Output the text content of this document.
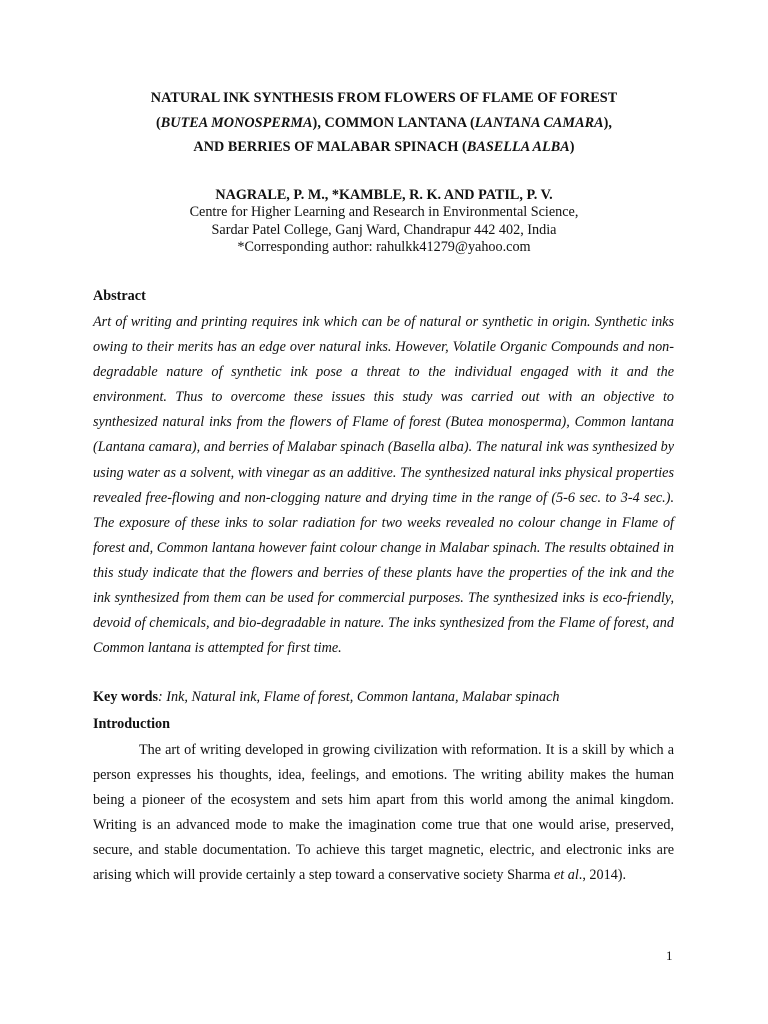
NATURAL INK SYNTHESIS FROM FLOWERS OF FLAME OF FOREST
(BUTEA MONOSPERMA), COMMON LANTANA (LANTANA CAMARA),
AND BERRIES OF MALABAR SPINACH (BASELLA ALBA)
NAGRALE, P. M., *KAMBLE, R. K. AND PATIL, P. V.
Centre for Higher Learning and Research in Environmental Science,
Sardar Patel College, Ganj Ward, Chandrapur 442 402, India
*Corresponding author: rahulkk41279@yahoo.com
Abstract
Art of writing and printing requires ink which can be of natural or synthetic in origin. Synthetic inks owing to their merits has an edge over natural inks. However, Volatile Organic Compounds and non-degradable nature of synthetic ink pose a threat to the individual engaged with it and the environment. Thus to overcome these issues this study was carried out with an objective to synthesized natural inks from the flowers of Flame of forest (Butea monosperma), Common lantana (Lantana camara), and berries of Malabar spinach (Basella alba). The natural ink was synthesized by using water as a solvent, with vinegar as an additive. The synthesized natural inks physical properties revealed free-flowing and non-clogging nature and drying time in the range of (5-6 sec. to 3-4 sec.). The exposure of these inks to solar radiation for two weeks revealed no colour change in Flame of forest and, Common lantana however faint colour change in Malabar spinach. The results obtained in this study indicate that the flowers and berries of these plants have the properties of the ink and the ink synthesized from them can be used for commercial purposes. The synthesized inks is eco-friendly, devoid of chemicals, and bio-degradable in nature. The inks synthesized from the Flame of forest, and Common lantana is attempted for first time.
Key words: Ink, Natural ink, Flame of forest, Common lantana, Malabar spinach
Introduction
The art of writing developed in growing civilization with reformation. It is a skill by which a person expresses his thoughts, idea, feelings, and emotions. The writing ability makes the human being a pioneer of the ecosystem and sets him apart from this world among the animal kingdom. Writing is an advanced mode to make the imagination come true that one would arise, preserved, secure, and stable documentation. To achieve this target magnetic, electric, and electronic inks are arising which will provide certainly a step toward a conservative society Sharma et al., 2014).
1
